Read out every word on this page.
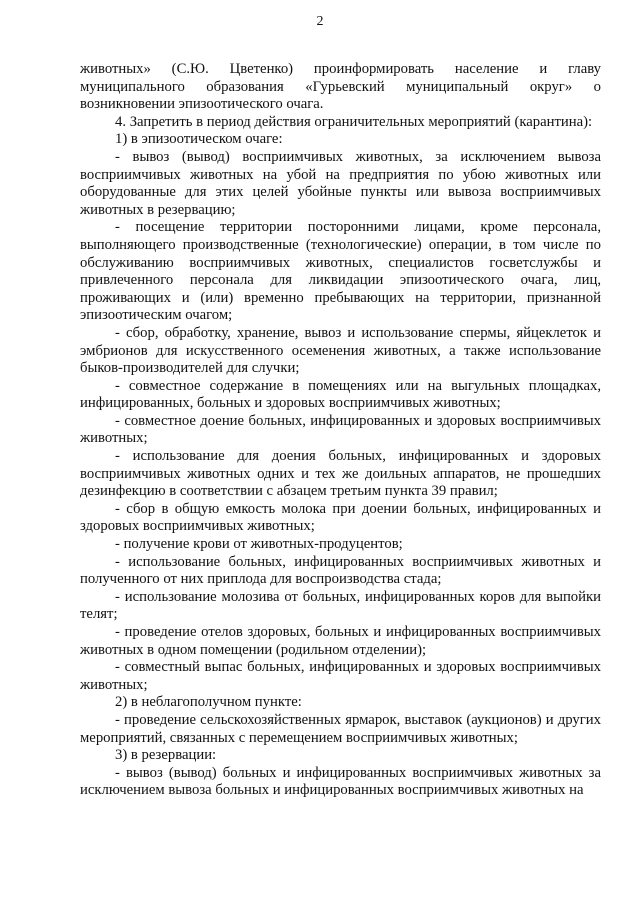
2

животных» (С.Ю. Цветенко) проинформировать население и главу муниципального образования «Гурьевский муниципальный округ» о возникновении эпизоотического очага.

4. Запретить в период действия ограничительных мероприятий (карантина):

1) в эпизоотическом очаге:

- вывоз (вывод) восприимчивых животных, за исключением вывоза восприимчивых животных на убой на предприятия по убою животных или оборудованные для этих целей убойные пункты или вывоза восприимчивых животных в резервацию;

- посещение территории посторонними лицами, кроме персонала, выполняющего производственные (технологические) операции, в том числе по обслуживанию восприимчивых животных, специалистов госветслужбы и привлеченного персонала для ликвидации эпизоотического очага, лиц, проживающих и (или) временно пребывающих на территории, признанной эпизоотическим очагом;

- сбор, обработку, хранение, вывоз и использование спермы, яйцеклеток и эмбрионов для искусственного осеменения животных, а также использование быков-производителей для случки;

- совместное содержание в помещениях или на выгульных площадках, инфицированных, больных и здоровых восприимчивых животных;

- совместное доение больных, инфицированных и здоровых восприимчивых животных;

- использование для доения больных, инфицированных и здоровых восприимчивых животных одних и тех же доильных аппаратов, не прошедших дезинфекцию в соответствии с абзацем третьим пункта 39 правил;

- сбор в общую емкость молока при доении больных, инфицированных и здоровых восприимчивых животных;

- получение крови от животных-продуцентов;

- использование больных, инфицированных восприимчивых животных и полученного от них приплода для воспроизводства стада;

- использование молозива от больных, инфицированных коров для выпойки телят;

- проведение отелов здоровых, больных и инфицированных восприимчивых животных в одном помещении (родильном отделении);

- совместный выпас больных, инфицированных и здоровых восприимчивых животных;

2) в неблагополучном пункте:

- проведение сельскохозяйственных ярмарок, выставок (аукционов) и других мероприятий, связанных с перемещением восприимчивых животных;

3) в резервации:

- вывоз (вывод) больных и инфицированных восприимчивых животных за исключением вывоза больных и инфицированных восприимчивых животных на
